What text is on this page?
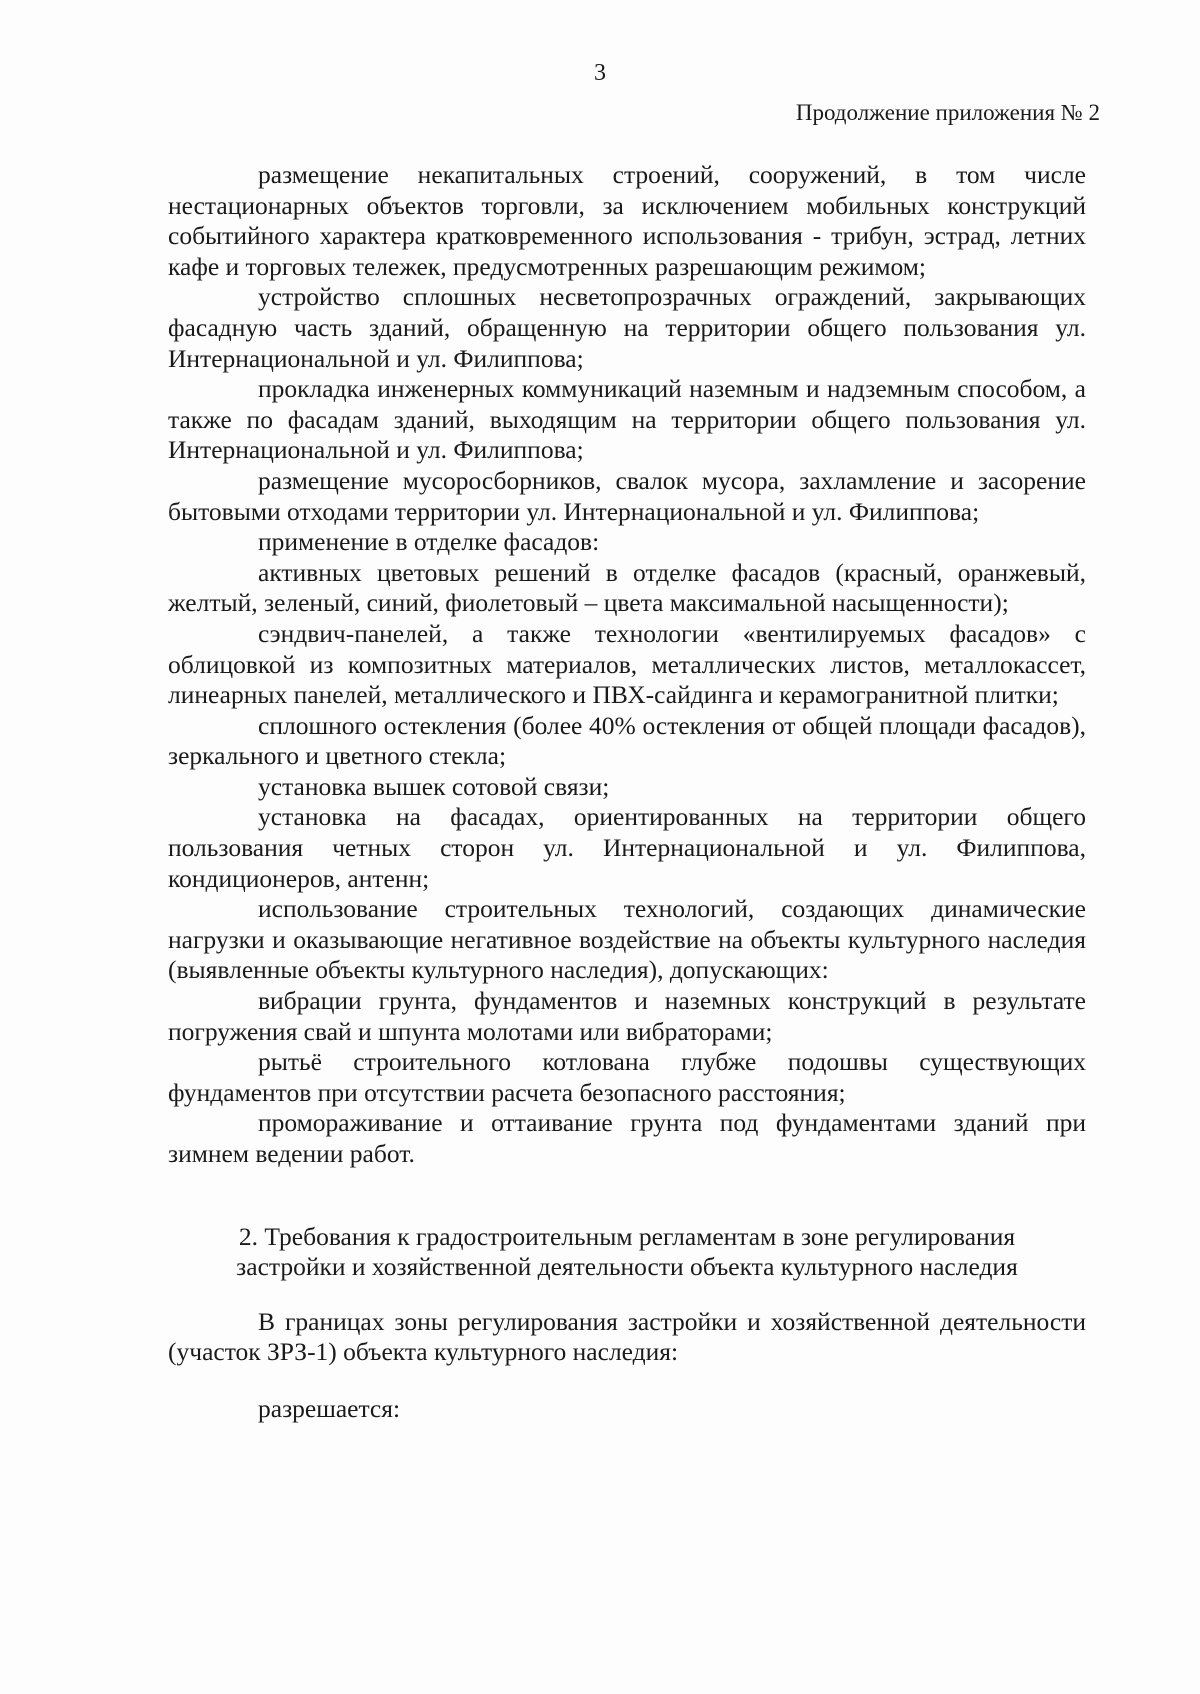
3
Продолжение приложения № 2

размещение некапитальных строений, сооружений, в том числе нестационарных объектов торговли, за исключением мобильных конструкций событийного характера кратковременного использования - трибун, эстрад, летних кафе и торговых тележек, предусмотренных разрешающим режимом;

устройство сплошных несветопрозрачных ограждений, закрывающих фасадную часть зданий, обращенную на территории общего пользования ул. Интернациональной и ул. Филиппова;

прокладка инженерных коммуникаций наземным и надземным способом, а также по фасадам зданий, выходящим на территории общего пользования ул. Интернациональной и ул. Филиппова;

размещение мусоросборников, свалок мусора, захламление и засорение бытовыми отходами территории ул. Интернациональной и ул. Филиппова;

применение в отделке фасадов:

активных цветовых решений в отделке фасадов (красный, оранжевый, желтый, зеленый, синий, фиолетовый – цвета максимальной насыщенности);

сэндвич-панелей, а также технологии «вентилируемых фасадов» с облицовкой из композитных материалов, металлических листов, металлокассет, линеарных панелей, металлического и ПВХ-сайдинга и керамогранитной плитки;

сплошного остекления (более 40% остекления от общей площади фасадов), зеркального и цветного стекла;

установка вышек сотовой связи;

установка на фасадах, ориентированных на территории общего пользования четных сторон ул. Интернациональной и ул. Филиппова, кондиционеров, антенн;

использование строительных технологий, создающих динамические нагрузки и оказывающие негативное воздействие на объекты культурного наследия (выявленные объекты культурного наследия), допускающих:

вибрации грунта, фундаментов и наземных конструкций в результате погружения свай и шпунта молотами или вибраторами;

рытьё строительного котлована глубже подошвы существующих фундаментов при отсутствии расчета безопасного расстояния;

промораживание и оттаивание грунта под фундаментами зданий при зимнем ведении работ.

2. Требования к градостроительным регламентам в зоне регулирования застройки и хозяйственной деятельности объекта культурного наследия

В границах зоны регулирования застройки и хозяйственной деятельности (участок ЗРЗ-1) объекта культурного наследия:

разрешается:
